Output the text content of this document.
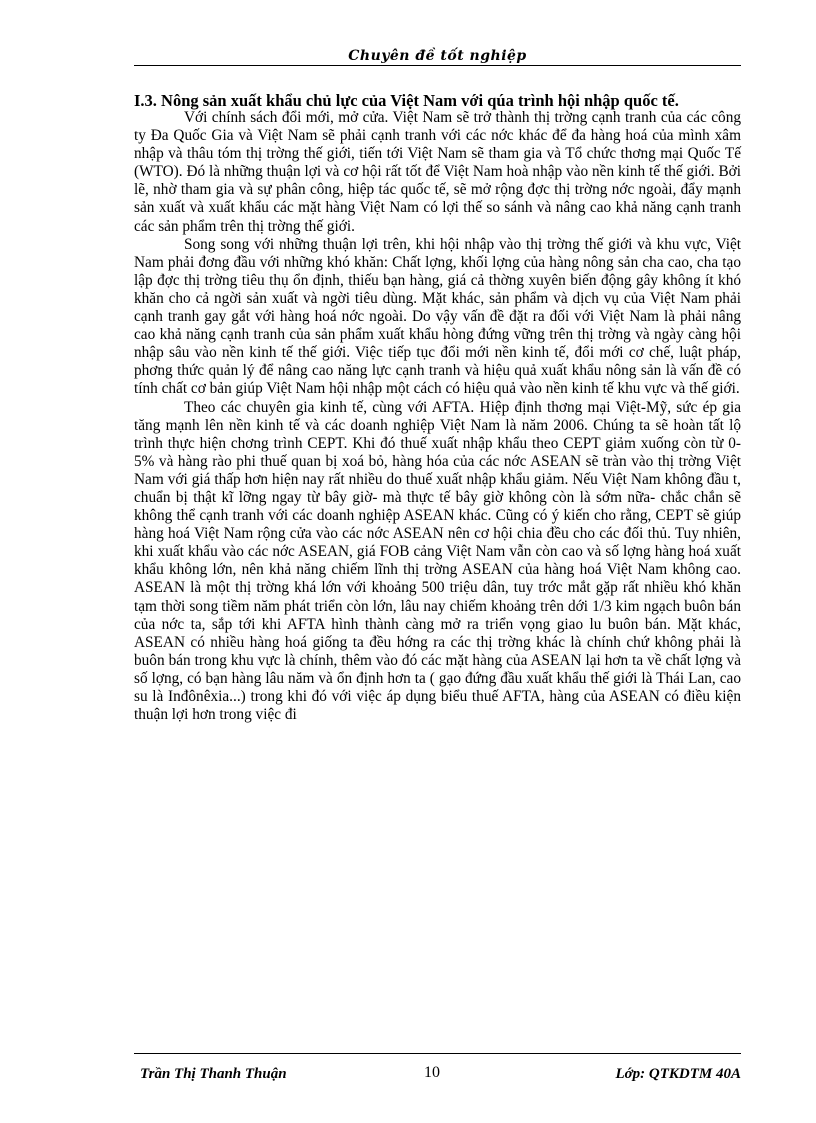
Chuyên đề tốt nghiệp

I.3. Nông sản xuất khẩu chủ lực của Việt Nam với qúa trình hội nhập quốc tế.

Với chính sách đổi mới, mở cửa. Việt Nam sẽ trở thành thị trờng cạnh tranh của các công ty Đa Quốc Gia và Việt Nam sẽ phải cạnh tranh với các nớc khác để đa hàng hoá của mình xâm nhập và thâu tóm thị trờng thế giới, tiến tới Việt Nam sẽ tham gia và Tổ chức thơng mại Quốc Tế (WTO). Đó là những thuận lợi và cơ hội rất tốt để Việt Nam hoà nhập vào nền kinh tế thế giới. Bởi lẽ, nhờ tham gia và sự phân công, hiệp tác quốc tế, sẽ mở rộng đợc thị trờng nớc ngoài, đẩy mạnh sản xuất và xuất khẩu các mặt hàng Việt Nam có lợi thế so sánh và nâng cao khả năng cạnh tranh các sản phẩm trên thị trờng thế giới.

Song song với những thuận lợi trên, khi hội nhập vào thị trờng thế giới và khu vực, Việt Nam phải đơng đầu với những khó khăn: Chất lợng, khối lợng của hàng nông sản cha cao, cha tạo lập đợc thị trờng tiêu thụ ổn định, thiếu bạn hàng, giá cả thờng xuyên biến động gây không ít khó khăn cho cả ngời sản xuất và ngời tiêu dùng. Mặt khác, sản phẩm và dịch vụ của Việt Nam phải cạnh tranh gay gắt với hàng hoá nớc ngoài. Do vậy vấn đề đặt ra đối với Việt Nam là phải nâng cao khả năng cạnh tranh của sản phẩm xuất khẩu hòng đứng vững trên thị trờng và ngày càng hội nhập sâu vào nền kinh tế thế giới. Việc tiếp tục đổi mới nền kinh tế, đổi mới cơ chế, luật pháp, phơng thức quản lý để nâng cao năng lực cạnh tranh và hiệu quả xuất khẩu nông sản là vấn đề có tính chất cơ bản giúp Việt Nam hội nhập một cách có hiệu quả vào nền kinh tế khu vực và thế giới.

Theo các chuyên gia kinh tế, cùng với AFTA. Hiệp định thơng mại Việt-Mỹ, sức ép gia tăng mạnh lên nền kinh tế và các doanh nghiệp Việt Nam là năm 2006. Chúng ta sẽ hoàn tất lộ trình thực hiện chơng trình CEPT. Khi đó thuế xuất nhập khẩu theo CEPT giảm xuống còn từ 0-5% và hàng rào phi thuế quan bị xoá bỏ, hàng hóa của các nớc ASEAN sẽ tràn vào thị trờng Việt Nam với giá thấp hơn hiện nay rất nhiều do thuế xuất nhập khẩu giảm. Nếu Việt Nam không đầu t, chuẩn bị thật kĩ lỡng ngay từ bây giờ- mà thực tế bây giờ không còn là sớm nữa- chắc chắn sẽ không thể cạnh tranh với các doanh nghiệp ASEAN khác. Cũng có ý kiến cho rằng, CEPT sẽ giúp hàng hoá Việt Nam rộng cửa vào các nớc ASEAN nên cơ hội chia đều cho các đối thủ. Tuy nhiên, khi xuất khẩu vào các nớc ASEAN, giá FOB cảng Việt Nam vẫn còn cao và số lợng hàng hoá xuất khẩu không lớn, nên khả năng chiếm lĩnh thị trờng ASEAN của hàng hoá Việt Nam không cao. ASEAN là một thị trờng khá lớn với khoảng 500 triệu dân, tuy trớc mắt gặp rất nhiều khó khăn tạm thời song tiềm năm phát triển còn lớn, lâu nay chiếm khoảng trên dới 1/3 kim ngạch buôn bán của nớc ta, sắp tới khi AFTA hình thành càng mở ra triển vọng giao lu buôn bán. Mặt khác, ASEAN có nhiều hàng hoá giống ta đều hớng ra các thị trờng khác là chính chứ không phải là buôn bán trong khu vực là chính, thêm vào đó các mặt hàng của ASEAN lại hơn ta về chất lợng và số lợng, có bạn hàng lâu năm và ổn định hơn ta ( gạo đứng đầu xuất khẩu thế giới là Thái Lan, cao su là Inđônêxia...) trong khi đó với việc áp dụng biểu thuế AFTA, hàng của ASEAN có điều kiện thuận lợi hơn trong việc đi

Trần Thị Thanh Thuận	10	Lớp: QTKDTM 40A
